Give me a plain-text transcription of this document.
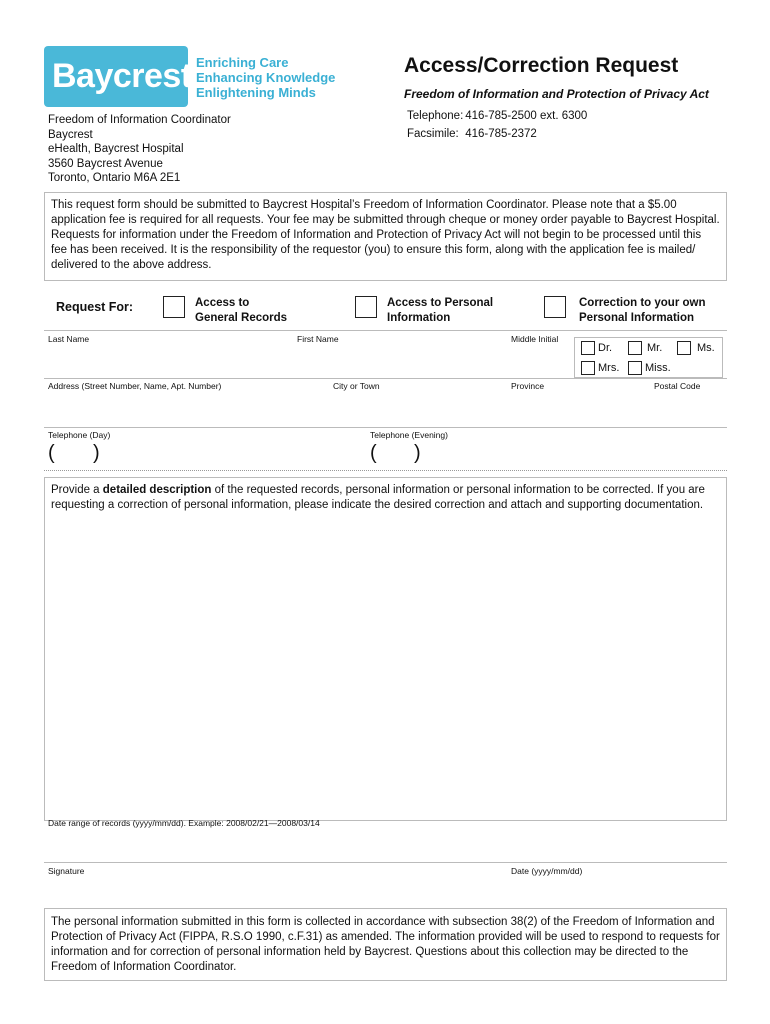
Baycrest Enriching Care
Enhancing Knowledge
Enlightening Minds
Access/Correction Request
Freedom of Information and Protection of Privacy Act
Freedom of Information Coordinator
Baycrest
eHealth, Baycrest Hospital
3560 Baycrest Avenue
Toronto, Ontario M6A 2E1
Telephone: 416-785-2500 ext. 6300
Facsimile: 416-785-2372
This request form should be submitted to Baycrest Hospital’s Freedom of Information Coordinator. Please note that a $5.00 application fee is required for all requests. Your fee may be submitted through cheque or money order payable to Baycrest Hospital. Requests for information under the Freedom of Information and Protection of Privacy Act will not begin to be processed until this fee has been received. It is the responsibility of the requestor (you) to ensure this form, along with the application fee is mailed/ delivered to the above address.
Request For:	Access to
General Records
Access to Personal
Information
Correction to your own
Personal Information
Last Name	First Name	Middle Initial
Dr.	Mr.	Ms.
Mrs. Miss.
Address (Street Number, Name, Apt. Number)	City or Town	Province	Postal Code
Telephone (Day)	Telephone (Evening)
( )	( )
Provide a detailed description of the requested records, personal information or personal information to be corrected. If you are requesting a correction of personal information, please indicate the desired correction and attach and supporting documentation.
Date range of records (yyyy/mm/dd). Example: 2008/02/21—2008/03/14
Signature	Date (yyyy/mm/dd)
The personal information submitted in this form is collected in accordance with subsection 38(2) of the Freedom of Information and Protection of Privacy Act (FIPPA, R.S.O 1990, c.F.31) as amended. The information provided will be used to respond to requests for information and for correction of personal information held by Baycrest. Questions about this collection may be directed to the Freedom of Information Coordinator.
